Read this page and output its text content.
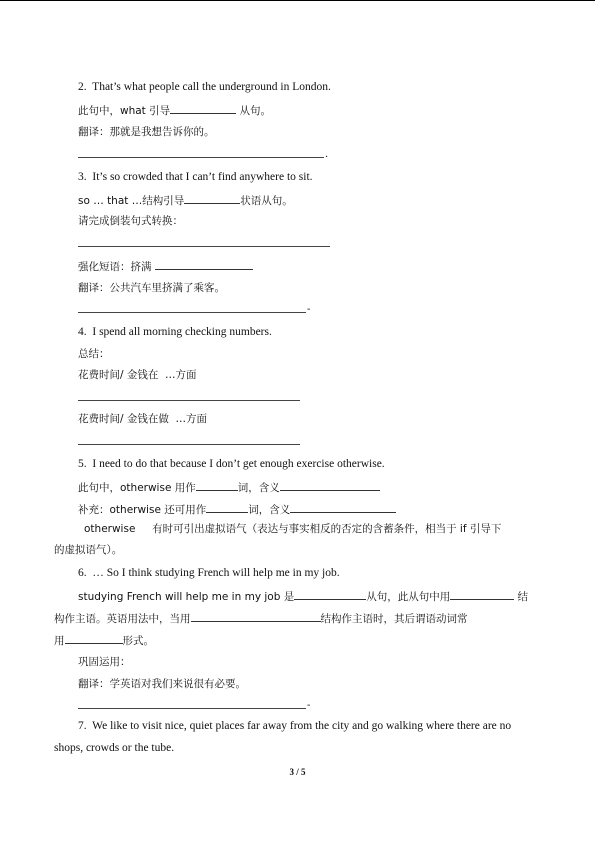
2.  That’s what people call the underground in London.
此句中，what 引导	从句。
翻译：那就是我想告诉你的。
.
3.  It’s so crowded that I can’t find anywhere to sit.
so … that …结构引导	状语从句。
请完成倒装句式转换：
强化短语：挤满
翻译：公共汽车里挤满了乘客。
-
4.  I spend all morning checking numbers.
总结：
花费时间/ 金钱在  …方面
花费时间/ 金钱在做  …方面
5.  I need to do that because I don’t get enough exercise otherwise.
此句中，otherwise 用作	词，含义
补充：otherwise 还可用作	词，含义
otherwise     有时可引出虚拟语气（表达与事实相反的否定的含蓄条件，相当于 if 引导下
的虚拟语气）。
6.  … So I think studying French will help me in my job.
studying French will help me in my job 是	从句，此从句中用	结
构作主语。英语用法中，当用	结构作主语时，其后谓语动词常
用	形式。
巩固运用：
翻译：学英语对我们来说很有必要。
-
7.  We like to visit nice, quiet places far away from the city and go walking where there are no
shops, crowds or the tube.
3 / 5
